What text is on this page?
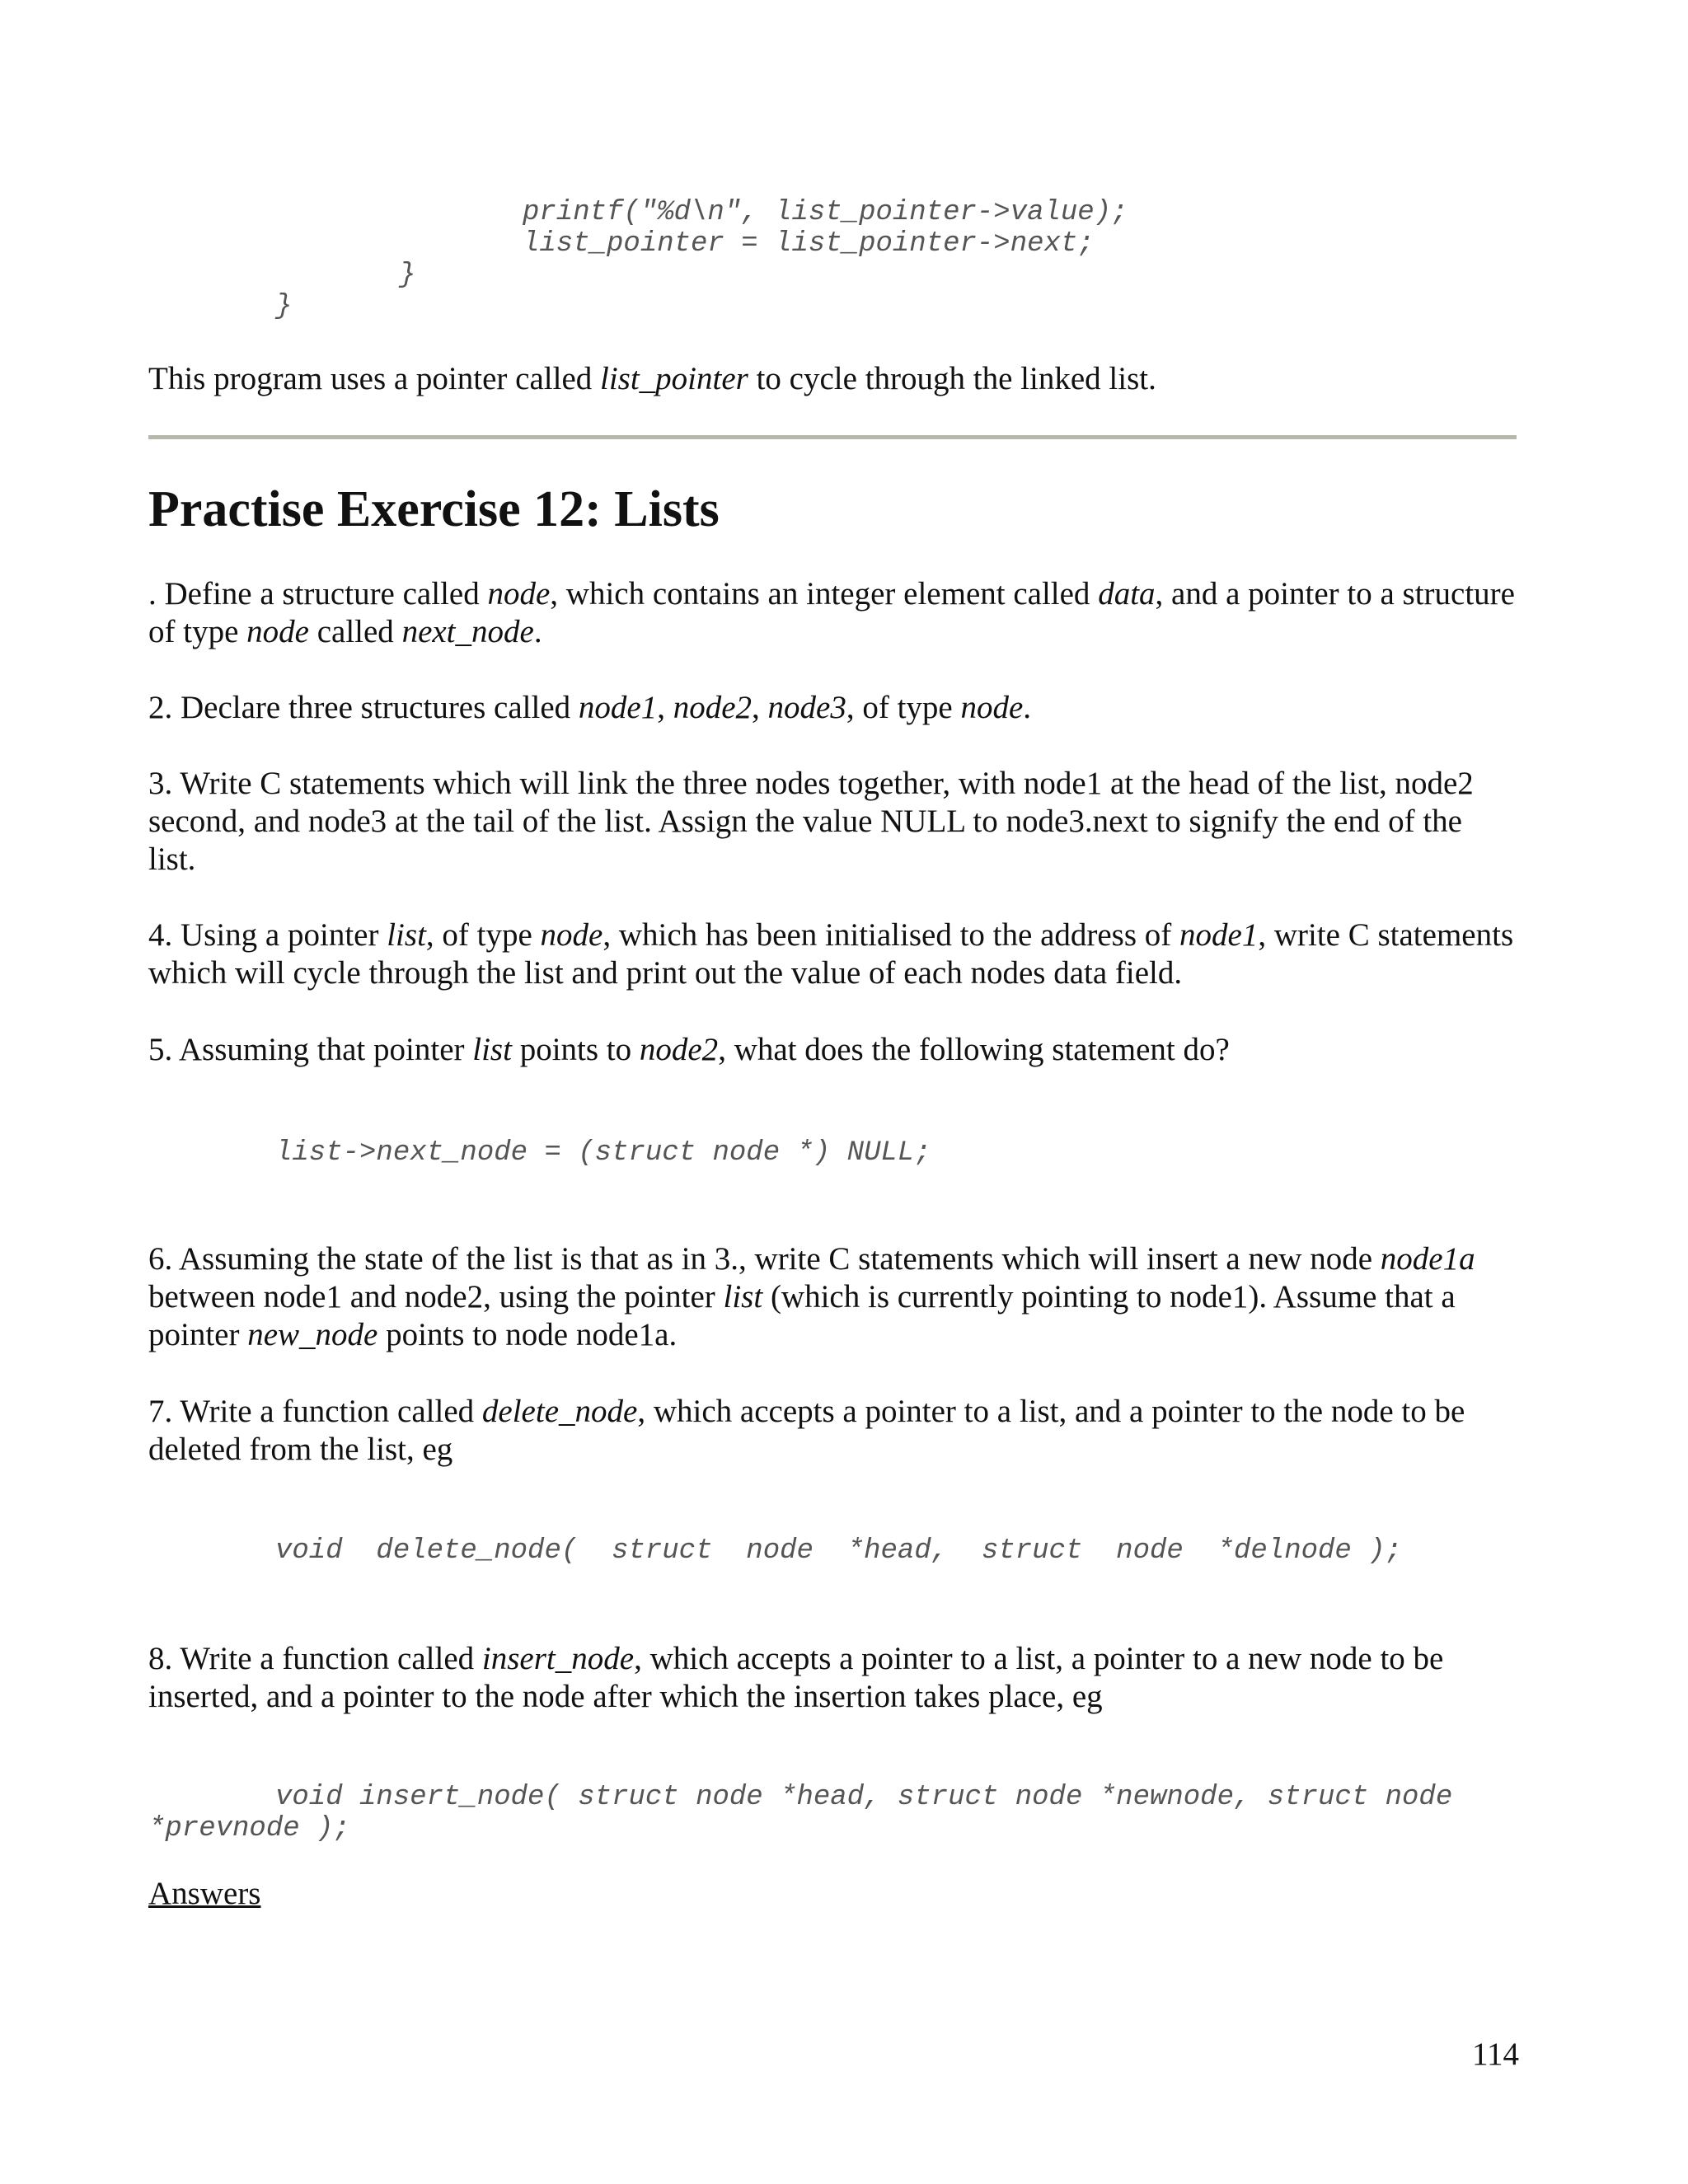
printf("%d\n", list_pointer->value);
list_pointer = list_pointer->next;
}
}
This program uses a pointer called list_pointer to cycle through the linked list.
Practise Exercise 12: Lists
. Define a structure called node, which contains an integer element called data, and a pointer to a structure of type node called next_node.
2. Declare three structures called node1, node2, node3, of type node.
3. Write C statements which will link the three nodes together, with node1 at the head of the list, node2 second, and node3 at the tail of the list. Assign the value NULL to node3.next to signify the end of the list.
4. Using a pointer list, of type node, which has been initialised to the address of node1, write C statements which will cycle through the list and print out the value of each nodes data field.
5. Assuming that pointer list points to node2, what does the following statement do?
list->next_node = (struct node *) NULL;
6. Assuming the state of the list is that as in 3., write C statements which will insert a new node node1a between node1 and node2, using the pointer list (which is currently pointing to node1). Assume that a pointer new_node points to node node1a.
7. Write a function called delete_node, which accepts a pointer to a list, and a pointer to the node to be deleted from the list, eg
void  delete_node(  struct  node  *head,  struct  node  *delnode );
8. Write a function called insert_node, which accepts a pointer to a list, a pointer to a new node to be inserted, and a pointer to the node after which the insertion takes place, eg
void insert_node( struct node *head, struct node *newnode, struct node
*prevnode );
Answers
114
